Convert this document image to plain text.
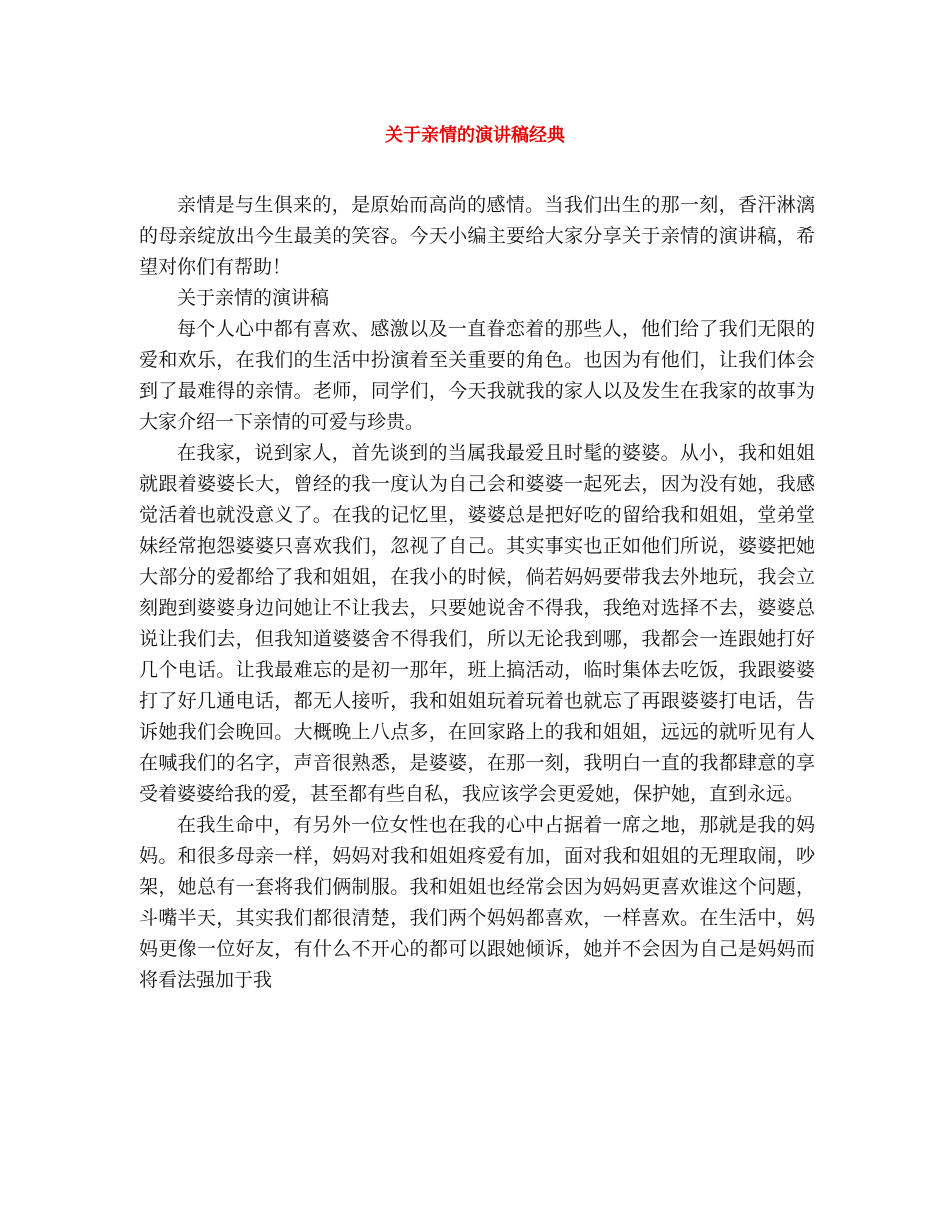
关于亲情的演讲稿经典

亲情是与生俱来的，是原始而高尚的感情。当我们出生的那一刻，香汗淋漓的母亲绽放出今生最美的笑容。今天小编主要给大家分享关于亲情的演讲稿，希望对你们有帮助！

关于亲情的演讲稿

每个人心中都有喜欢、感激以及一直眷恋着的那些人，他们给了我们无限的爱和欢乐，在我们的生活中扮演着至关重要的角色。也因为有他们，让我们体会到了最难得的亲情。老师，同学们，今天我就我的家人以及发生在我家的故事为大家介绍一下亲情的可爱与珍贵。

在我家，说到家人，首先谈到的当属我最爱且时髦的婆婆。从小，我和姐姐就跟着婆婆长大，曾经的我一度认为自己会和婆婆一起死去，因为没有她，我感觉活着也就没意义了。在我的记忆里，婆婆总是把好吃的留给我和姐姐，堂弟堂妹经常抱怨婆婆只喜欢我们，忽视了自己。其实事实也正如他们所说，婆婆把她大部分的爱都给了我和姐姐，在我小的时候，倘若妈妈要带我去外地玩，我会立刻跑到婆婆身边问她让不让我去，只要她说舍不得我，我绝对选择不去，婆婆总说让我们去，但我知道婆婆舍不得我们，所以无论我到哪，我都会一连跟她打好几个电话。让我最难忘的是初一那年，班上搞活动，临时集体去吃饭，我跟婆婆打了好几通电话，都无人接听，我和姐姐玩着玩着也就忘了再跟婆婆打电话，告诉她我们会晚回。大概晚上八点多，在回家路上的我和姐姐，远远的就听见有人在喊我们的名字，声音很熟悉，是婆婆，在那一刻，我明白一直的我都肆意的享受着婆婆给我的爱，甚至都有些自私，我应该学会更爱她，保护她，直到永远。

在我生命中，有另外一位女性也在我的心中占据着一席之地，那就是我的妈妈。和很多母亲一样，妈妈对我和姐姐疼爱有加，面对我和姐姐的无理取闹，吵架，她总有一套将我们俩制服。我和姐姐也经常会因为妈妈更喜欢谁这个问题，斗嘴半天，其实我们都很清楚，我们两个妈妈都喜欢，一样喜欢。在生活中，妈妈更像一位好友，有什么不开心的都可以跟她倾诉，她并不会因为自己是妈妈而将看法强加于我
